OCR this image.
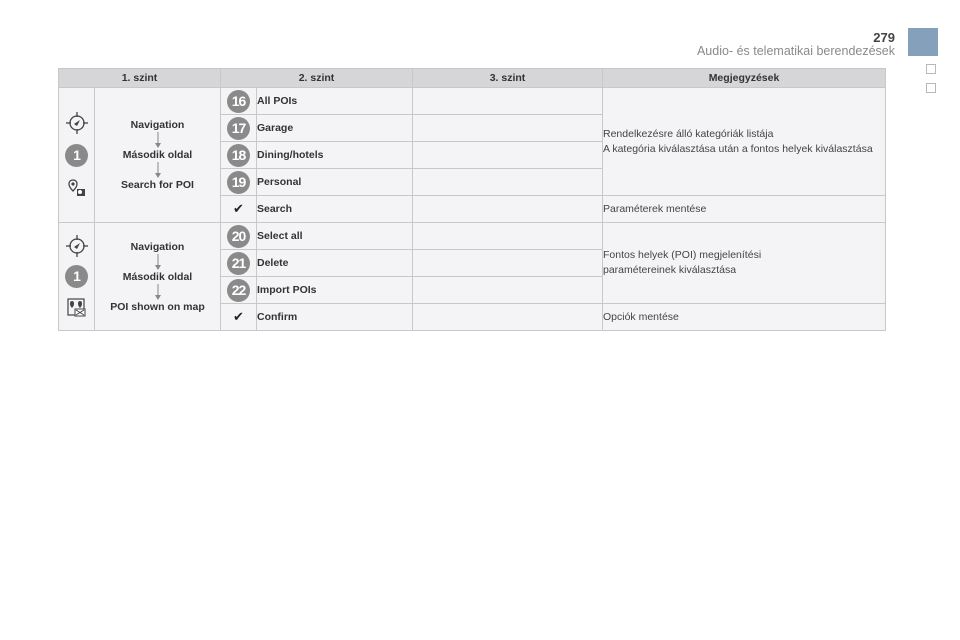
279
Audio- és telematikai berendezések
1. szint		2. szint		3. szint	Megjegyzések

1	Navigation
Második oldal
Search for POI	16	All POIs		Rendelkezésre álló kategóriák listája
A kategória kiválasztása után a fontos helyek kiválasztása
		17	Garage		
		18	Dining/hotels		
		19	Personal		
		✔	Search		Paraméterek mentése

1	Navigation
Második oldal
POI shown on map	20	Select all		Fontos helyek (POI) megjelenítési paramétereinek kiválasztása

		21	Delete		
		22	Import POIs		
		✔	Confirm		Opciók mentése
